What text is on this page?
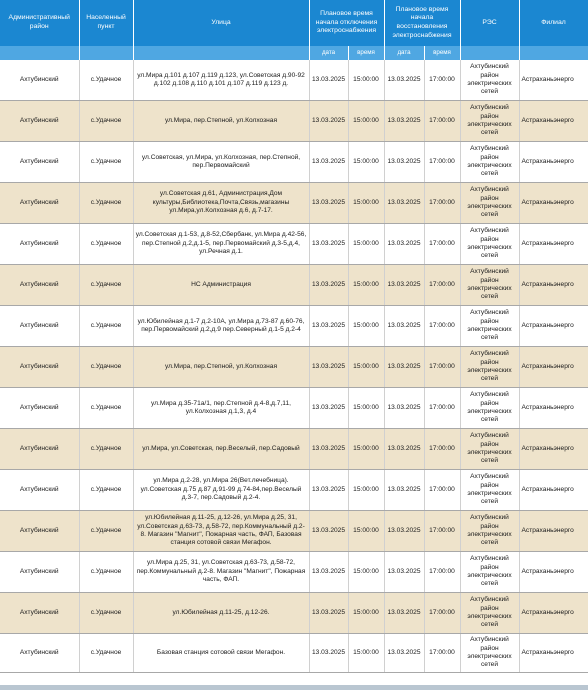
Административный район	Населенный пункт	Улица	Плановое время начала отключения электроснабжения		Плановое время начала восстановления электроснабжения		РЭС	Филиал
			дата	время	дата	время		
Ахтубинский	с.Удачное	ул.Мира д.101 д.107 д.119 д.123, ул.Советская д.90-92 д.102 д.108 д.110 д.101 д.107 д.119 д.123 д.	13.03.2025	15:00:00	13.03.2025	17:00:00	Ахтубинский район электрических сетей	Астраханьэнерго
Ахтубинский	с.Удачное	ул.Мира, пер.Степной, ул.Колхозная	13.03.2025	15:00:00	13.03.2025	17:00:00	Ахтубинский район электрических сетей	Астраханьэнерго
Ахтубинский	с.Удачное	ул.Советская, ул.Мира, ул.Колхозная, пер.Степной, пер.Первомайский	13.03.2025	15:00:00	13.03.2025	17:00:00	Ахтубинский район электрических сетей	Астраханьэнерго
Ахтубинский	с.Удачное	ул.Советская д.61, Администрация,Дом культуры,Библиотека,Почта,Связь,магазины ул.Мира,ул.Колхозная д.6, д.7-17.	13.03.2025	15:00:00	13.03.2025	17:00:00	Ахтубинский район электрических сетей	Астраханьэнерго
Ахтубинский	с.Удачное	ул.Советская д.1-53, д.8-52,Сбербанк, ул.Мира д.42-56, пер.Степной д.2,д.1-5, пер.Первомайский д.3-5,д.4, ул.Речная д.1.	13.03.2025	15:00:00	13.03.2025	17:00:00	Ахтубинский район электрических сетей	Астраханьэнерго
Ахтубинский	с.Удачное	НС Администрация	13.03.2025	15:00:00	13.03.2025	17:00:00	Ахтубинский район электрических сетей	Астраханьэнерго
Ахтубинский	с.Удачное	ул.Юбилейная д.1-7 д.2-10А, ул.Мира д.73-87 д.60-76, пер.Первомайский д.2,д.9 пер.Северный д.1-5 д.2-4	13.03.2025	15:00:00	13.03.2025	17:00:00	Ахтубинский район электрических сетей	Астраханьэнерго
Ахтубинский	с.Удачное	ул.Мира, пер.Степной, ул.Колхозная	13.03.2025	15:00:00	13.03.2025	17:00:00	Ахтубинский район электрических сетей	Астраханьэнерго
Ахтубинский	с.Удачное	ул.Мира д.35-71а/1, пер.Степной д.4-8,д.7,11, ул.Колхозная д.1,3, д.4	13.03.2025	15:00:00	13.03.2025	17:00:00	Ахтубинский район электрических сетей	Астраханьэнерго
Ахтубинский	с.Удачное	ул.Мира, ул.Советская, пер.Веселый, пер.Садовый	13.03.2025	15:00:00	13.03.2025	17:00:00	Ахтубинский район электрических сетей	Астраханьэнерго
Ахтубинский	с.Удачное	ул.Мира д.2-28, ул.Мира 26(Вет.лечебница). ул.Советская д.75 д.87 д.91-99 д.74-84,пер.Веселый д.3-7, пер.Садовый д.2-4.	13.03.2025	15:00:00	13.03.2025	17:00:00	Ахтубинский район электрических сетей	Астраханьэнерго
Ахтубинский	с.Удачное	ул.Юбилейная д.11-25, д.12-26, ул.Мира д.25, 31, ул.Советская д.63-73, д.58-72, пер.Коммунальный д.2-8. Магазин "Магнит", Пожарная часть, ФАП, Базовая станция сотовой связи Мегафон.	13.03.2025	15:00:00	13.03.2025	17:00:00	Ахтубинский район электрических сетей	Астраханьэнерго
Ахтубинский	с.Удачное	ул.Мира д.25, 31, ул.Советская д.63-73, д.58-72, пер.Коммунальный д.2-8. Магазин "Магнит", Пожарная часть, ФАП.	13.03.2025	15:00:00	13.03.2025	17:00:00	Ахтубинский район электрических сетей	Астраханьэнерго
Ахтубинский	с.Удачное	ул.Юбилейная д.11-25, д.12-26.	13.03.2025	15:00:00	13.03.2025	17:00:00	Ахтубинский район электрических сетей	Астраханьэнерго
Ахтубинский	с.Удачное	Базовая станция сотовой связи Мегафон.	13.03.2025	15:00:00	13.03.2025	17:00:00	Ахтубинский район электрических сетей	Астраханьэнерго
